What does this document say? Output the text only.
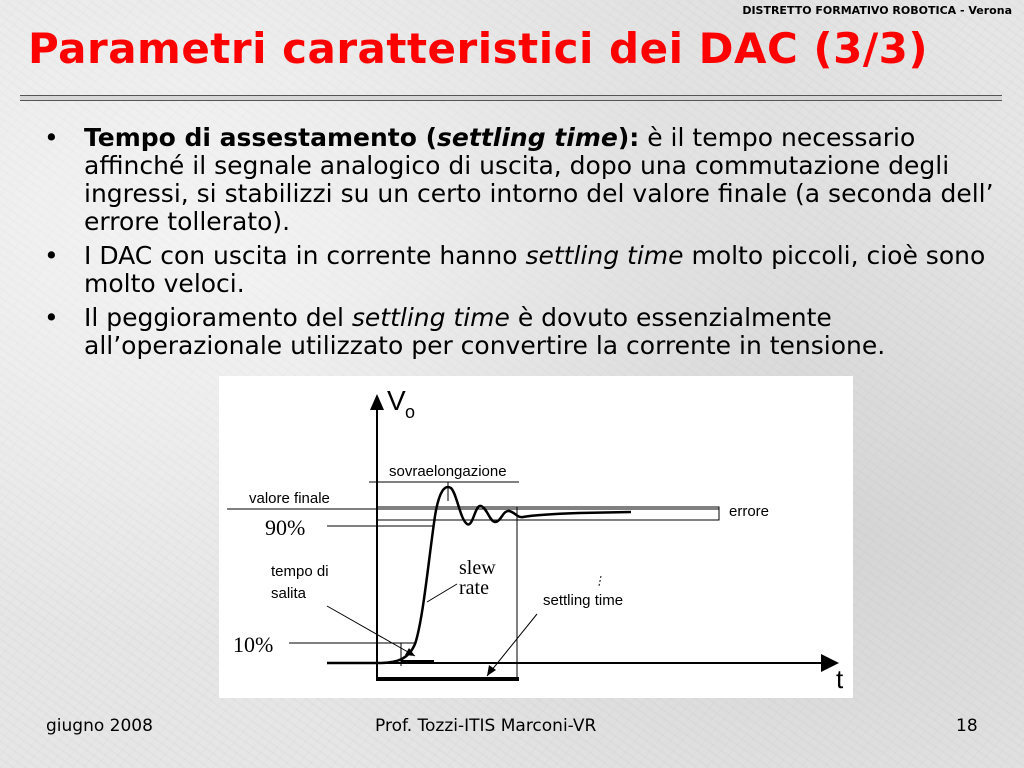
DISTRETTO FORMATIVO ROBOTICA - Verona
Parametri caratteristici dei DAC (3/3)
• Tempo di assestamento (settling time): è il tempo necessario affinché il segnale analogico di uscita, dopo una commutazione degli ingressi, si stabilizzi su un certo intorno del valore finale (a seconda dell’ errore tollerato).
• I DAC con uscita in corrente hanno settling time molto piccoli, cioè sono molto veloci.
• Il peggioramento del settling time è dovuto essenzialmente all’operazionale utilizzato per convertire la corrente in tensione.
V o
t
sovraelongazione
valore finale
errore
90%
tempo di
salita
10%
slew
rate
settling time
giugno 2008	Prof. Tozzi-ITIS Marconi-VR	18
